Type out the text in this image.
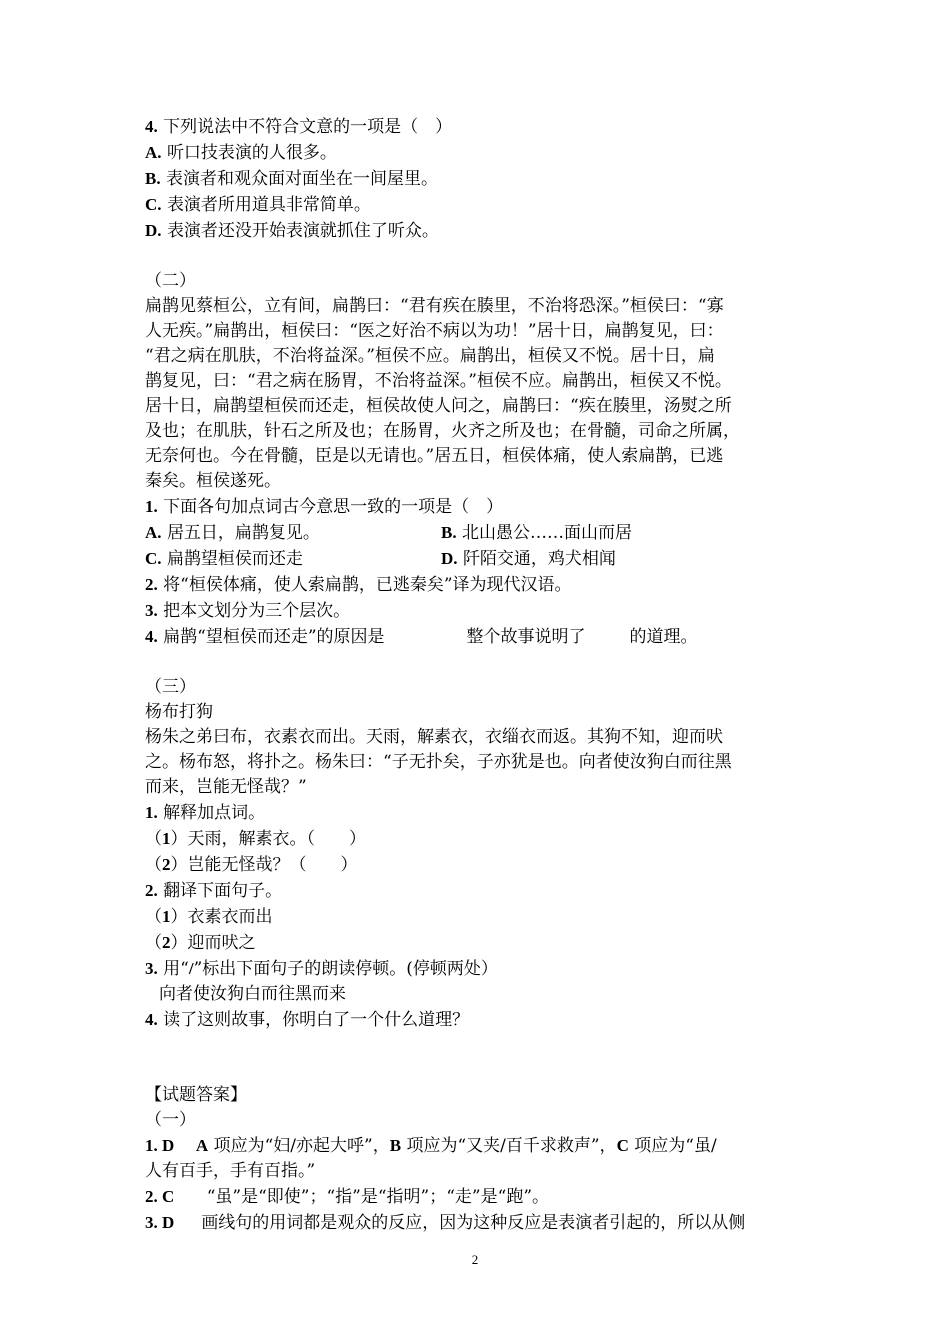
4. 下列说法中不符合文意的一项是（　）
A. 听口技表演的人很多。
B. 表演者和观众面对面坐在一间屋里。
C. 表演者所用道具非常简单。
D. 表演者还没开始表演就抓住了听众。
（二）
扁鹊见蔡桓公，立有间，扁鹊曰：“君有疾在腠里，不治将恐深。”桓侯曰：“寡
人无疾。”扁鹊出，桓侯曰：“医之好治不病以为功！”居十日，扁鹊复见，曰：
“君之病在肌肤，不治将益深。”桓侯不应。扁鹊出，桓侯又不悦。居十日，扁
鹊复见，曰：“君之病在肠胃，不治将益深。”桓侯不应。扁鹊出，桓侯又不悦。
居十日，扁鹊望桓侯而还走，桓侯故使人问之，扁鹊曰：“疾在腠里，汤熨之所
及也；在肌肤，针石之所及也；在肠胃，火齐之所及也；在骨髓，司命之所属，
无奈何也。今在骨髓，臣是以无请也。”居五日，桓侯体痛，使人索扁鹊，已逃
秦矣。桓侯遂死。
1. 下面各句加点词古今意思一致的一项是（　）
A. 居五日，扁鹊复见。	B. 北山愚公……面山而居
C. 扁鹊望桓侯而还走	D. 阡陌交通，鸡犬相闻
2. 将“桓侯体痛，使人索扁鹊，已逃秦矣”译为现代汉语。
3. 把本文划分为三个层次。
4. 扁鹊“望桓侯而还走”的原因是	整个故事说明了	的道理。
（三）
杨布打狗
杨朱之弟曰布，衣素衣而出。天雨，解素衣，衣缁衣而返。其狗不知，迎而吠
之。杨布怒，将扑之。杨朱曰：“子无扑矣，子亦犹是也。向者使汝狗白而往黑
而来，岂能无怪哉？”
1. 解释加点词。
（1）天雨，解素衣。（　　）
（2）岂能无怪哉？（　　）
2. 翻译下面句子。
（1）衣素衣而出
（2）迎而吠之
3. 用“/”标出下面句子的朗读停顿。(停顿两处）
向者使汝狗白而往黑而来
4. 读了这则故事，你明白了一个什么道理？
【试题答案】
（一）
1. D A 项应为“妇/亦起大呼”，B 项应为“又夹/百千求救声”，C 项应为“虽/
人有百手，手有百指。”
2. C “虽”是“即使”；“指”是“指明”；“走”是“跑”。
3. D 画线句的用词都是观众的反应，因为这种反应是表演者引起的，所以从侧
2
